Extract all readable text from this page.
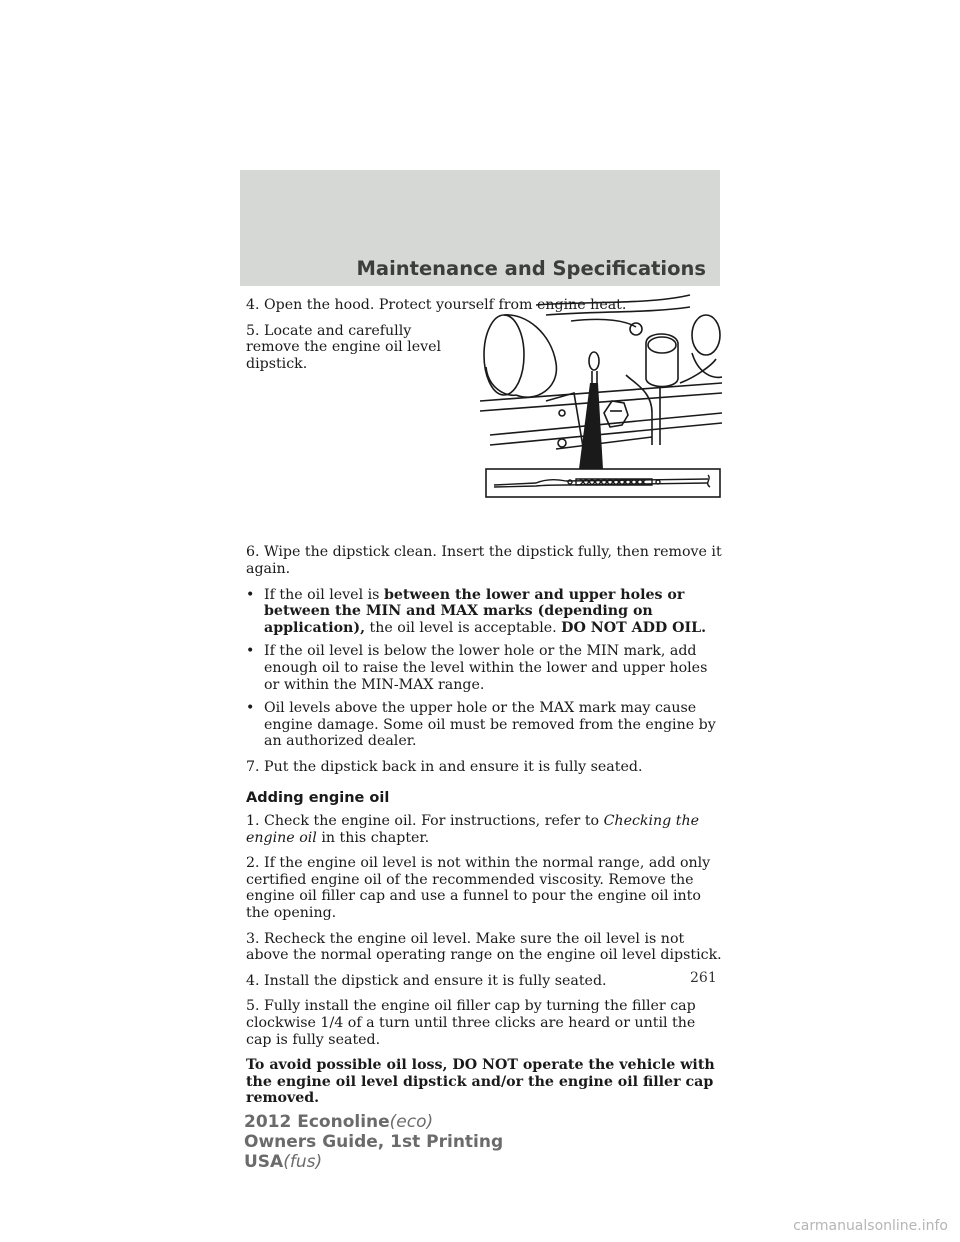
Maintenance and Specifications

4. Open the hood. Protect yourself from engine heat.

5. Locate and carefully remove the engine oil level dipstick.

6. Wipe the dipstick clean. Insert the dipstick fully, then remove it again.

• If the oil level is between the lower and upper holes or between the MIN and MAX marks (depending on application), the oil level is acceptable. DO NOT ADD OIL.
• If the oil level is below the lower hole or the MIN mark, add enough oil to raise the level within the lower and upper holes or within the MIN-MAX range.
• Oil levels above the upper hole or the MAX mark may cause engine damage. Some oil must be removed from the engine by an authorized dealer.

7. Put the dipstick back in and ensure it is fully seated.

Adding engine oil

1. Check the engine oil. For instructions, refer to Checking the engine oil in this chapter.

2. If the engine oil level is not within the normal range, add only certified engine oil of the recommended viscosity. Remove the engine oil filler cap and use a funnel to pour the engine oil into the opening.

3. Recheck the engine oil level. Make sure the oil level is not above the normal operating range on the engine oil level dipstick.

4. Install the dipstick and ensure it is fully seated.

5. Fully install the engine oil filler cap by turning the filler cap clockwise 1/4 of a turn until three clicks are heard or until the cap is fully seated.

To avoid possible oil loss, DO NOT operate the vehicle with the engine oil level dipstick and/or the engine oil filler cap removed.

261
2012 Econoline(eco)
Owners Guide, 1st Printing
USA(fus)
carmanualsonline.info
